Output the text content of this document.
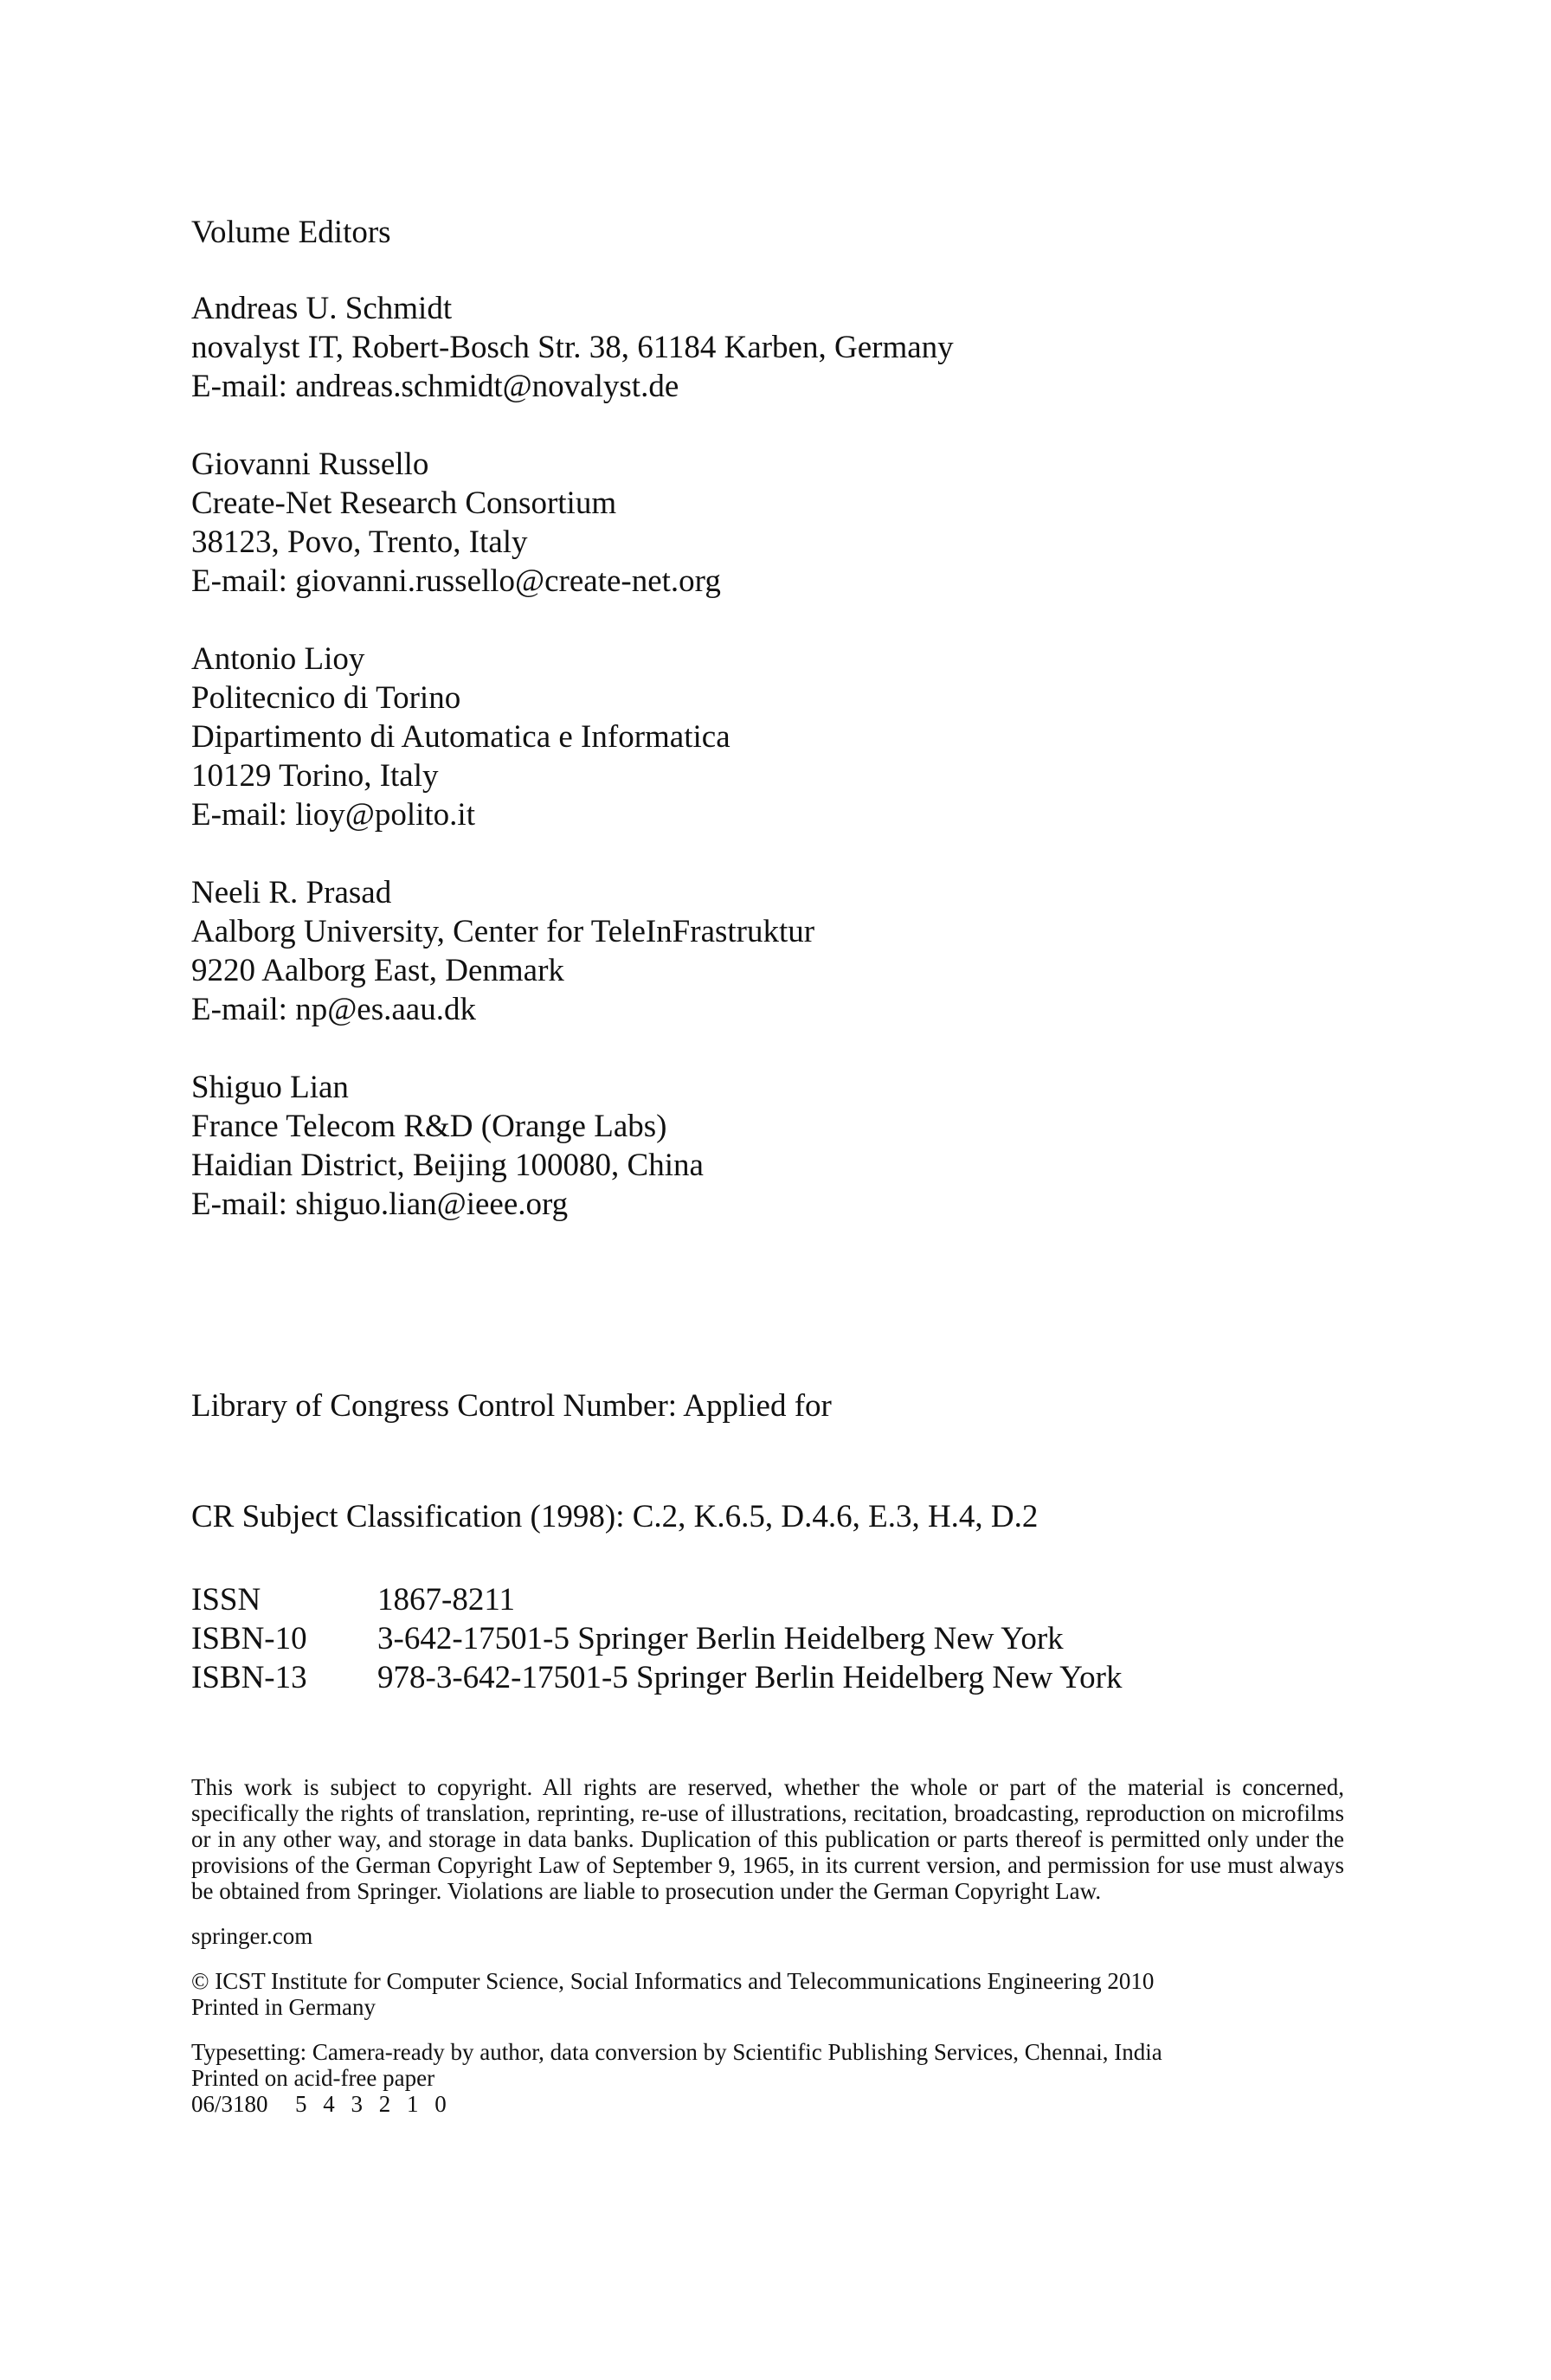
Volume Editors
Andreas U. Schmidt
novalyst IT, Robert-Bosch Str. 38, 61184 Karben, Germany
E-mail: andreas.schmidt@novalyst.de
Giovanni Russello
Create-Net Research Consortium
38123, Povo, Trento, Italy
E-mail: giovanni.russello@create-net.org
Antonio Lioy
Politecnico di Torino
Dipartimento di Automatica e Informatica
10129 Torino, Italy
E-mail: lioy@polito.it
Neeli R. Prasad
Aalborg University, Center for TeleInFrastruktur
9220 Aalborg East, Denmark
E-mail: np@es.aau.dk
Shiguo Lian
France Telecom R&D (Orange Labs)
Haidian District, Beijing 100080, China
E-mail: shiguo.lian@ieee.org
Library of Congress Control Number: Applied for
CR Subject Classification (1998): C.2, K.6.5, D.4.6, E.3, H.4, D.2
ISSN	1867-8211
ISBN-10	3-642-17501-5 Springer Berlin Heidelberg New York
ISBN-13	978-3-642-17501-5 Springer Berlin Heidelberg New York

This work is subject to copyright. All rights are reserved, whether the whole or part of the material is concerned, specifically the rights of translation, reprinting, re-use of illustrations, recitation, broadcasting, reproduction on microfilms or in any other way, and storage in data banks. Duplication of this publication or parts thereof is permitted only under the provisions of the German Copyright Law of September 9, 1965, in its current version, and permission for use must always be obtained from Springer. Violations are liable to prosecution under the German Copyright Law.

springer.com

© ICST Institute for Computer Science, Social Informatics and Telecommunications Engineering 2010

Printed in Germany

Typesetting: Camera-ready by author, data conversion by Scientific Publishing Services, Chennai, India

Printed on acid-free paper

06/3180 5 4 3 2 1 0
